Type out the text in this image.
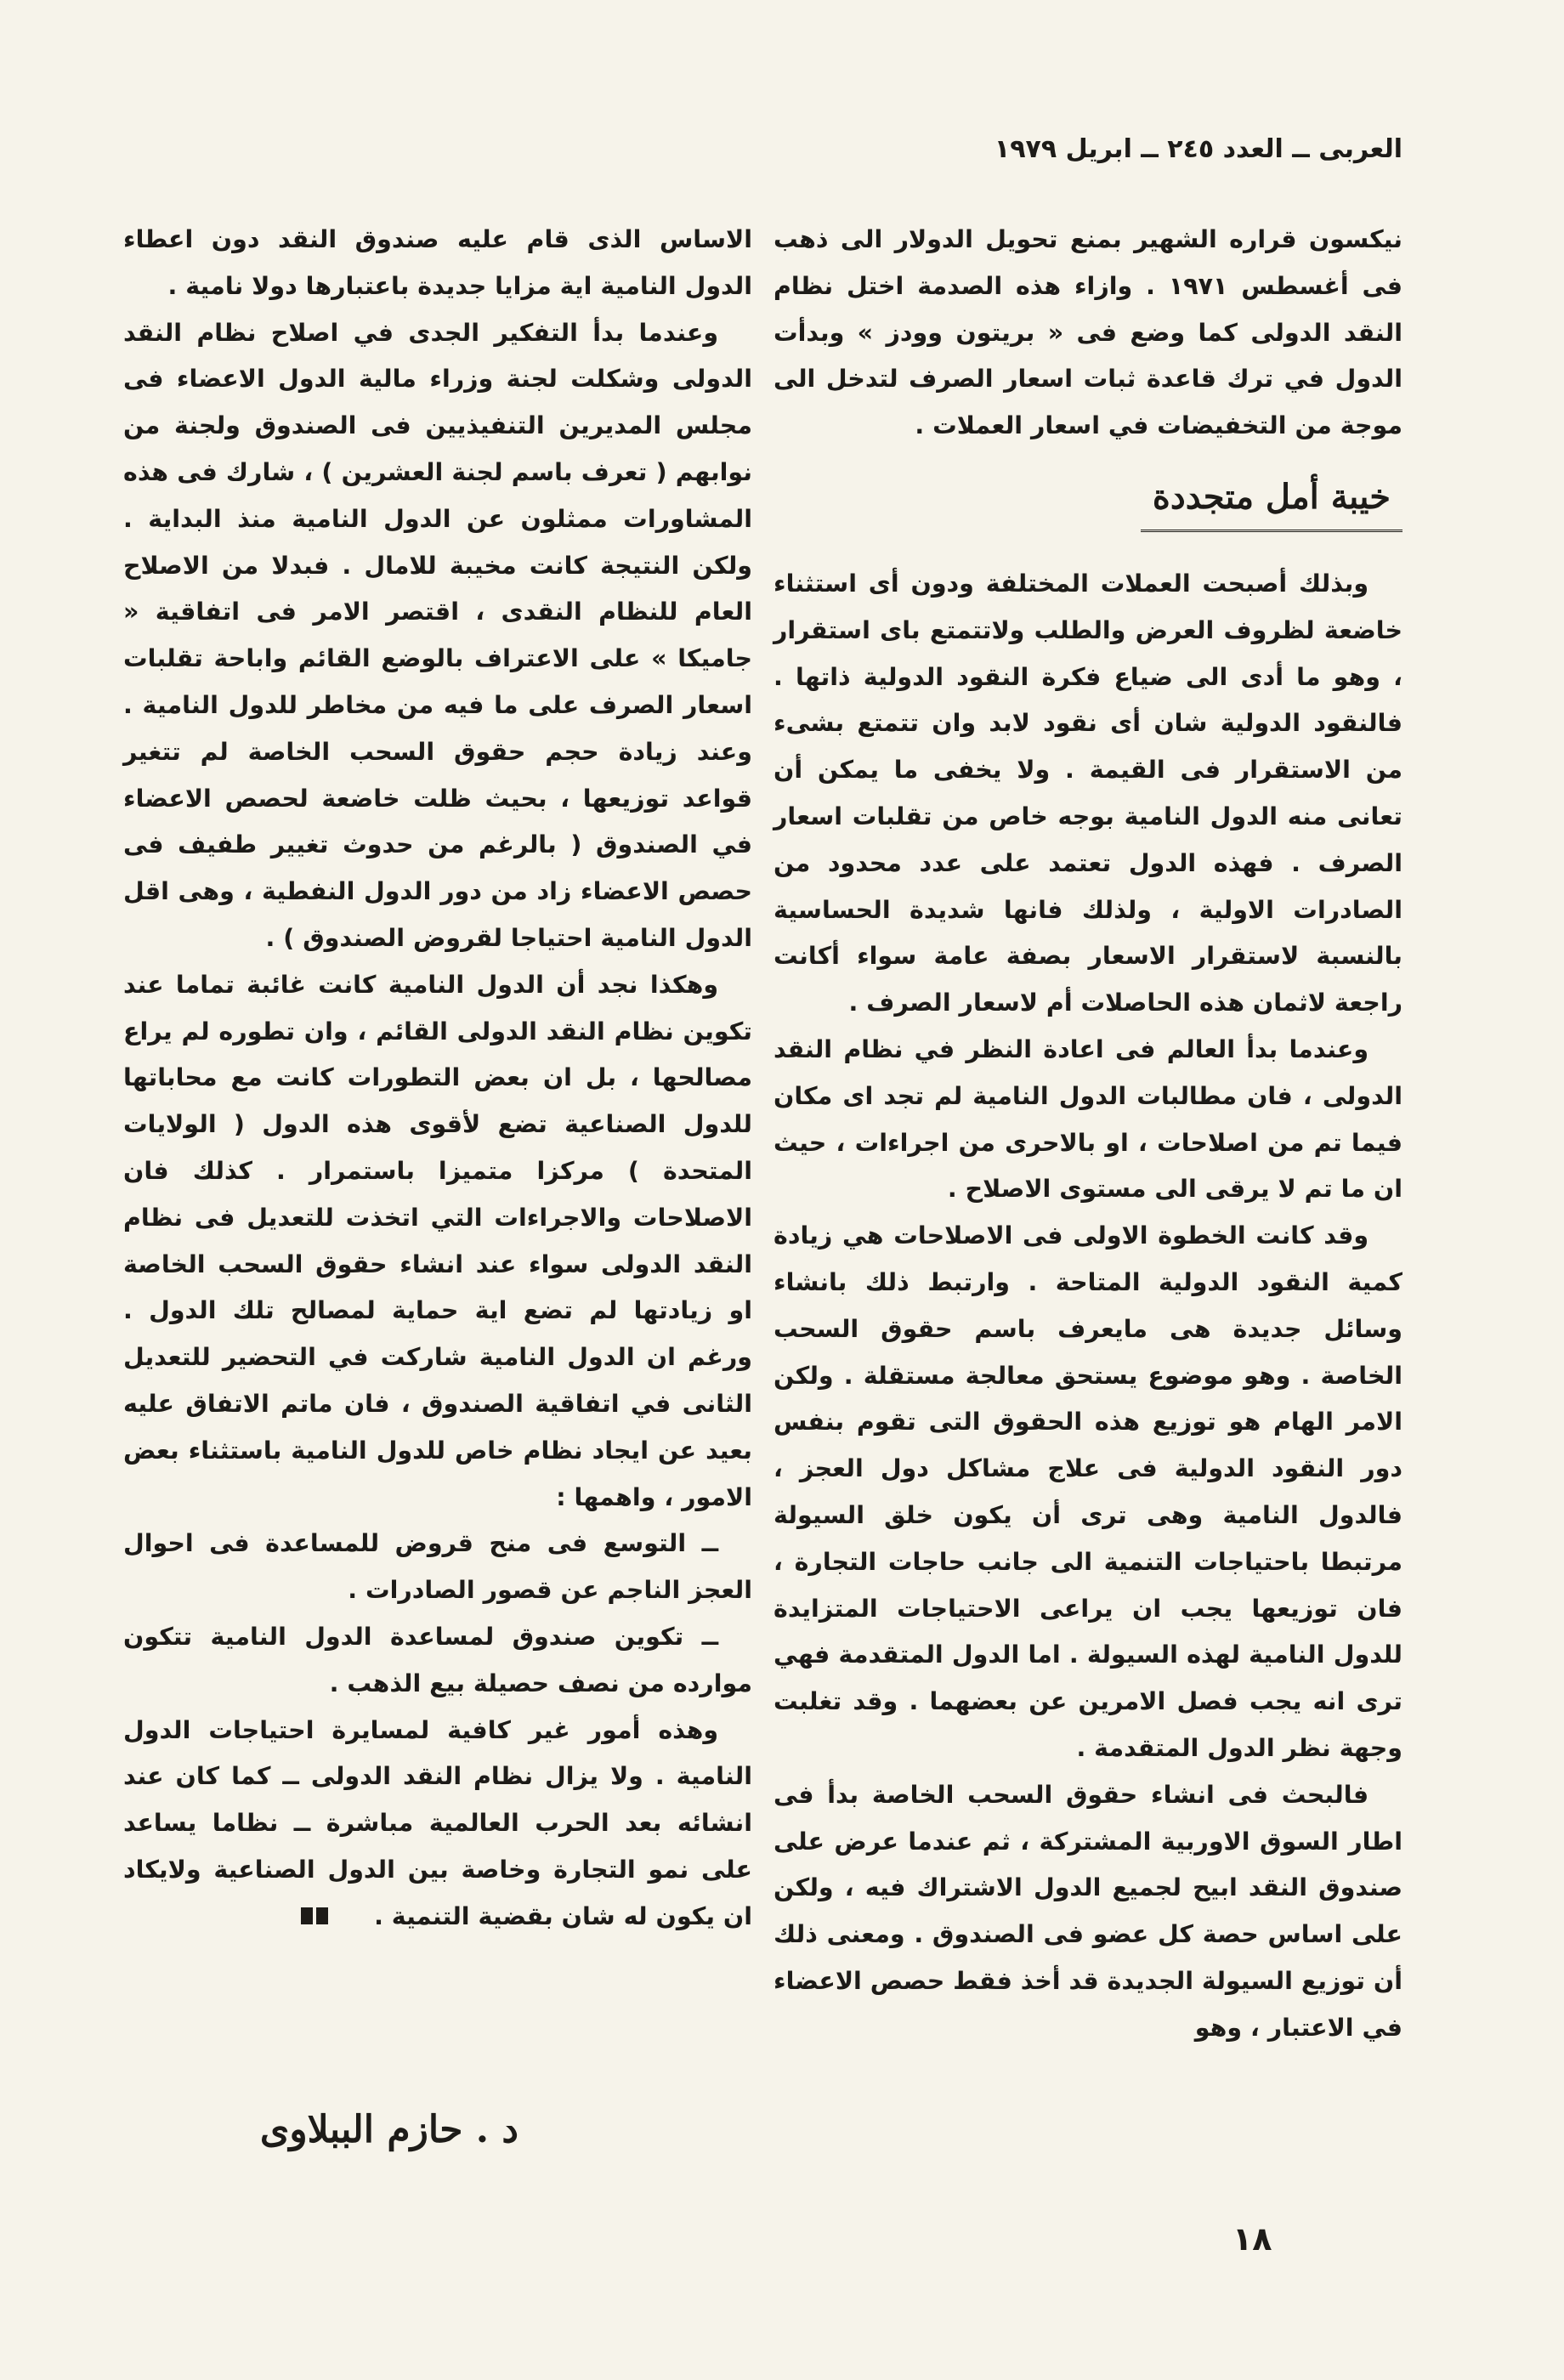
العربى ــ العدد ٢٤٥ ــ ابريل ١٩٧٩

نيكسون قراره الشهير بمنع تحويل الدولار الى ذهب فى أغسطس ١٩٧١ . وازاء هذه الصدمة اختل نظام النقد الدولى كما وضع فى « بريتون وودز » وبدأت الدول في ترك قاعدة ثبات اسعار الصرف لتدخل الى موجة من التخفيضات في اسعار العملات .

خيبة أمل متجددة

وبذلك أصبحت العملات المختلفة ودون أى استثناء خاضعة لظروف العرض والطلب ولاتتمتع باى استقرار ، وهو ما أدى الى ضياع فكرة النقود الدولية ذاتها . فالنقود الدولية شان أى نقود لابد وان تتمتع بشىء من الاستقرار فى القيمة . ولا يخفى ما يمكن أن تعانى منه الدول النامية بوجه خاص من تقلبات اسعار الصرف . فهذه الدول تعتمد على عدد محدود من الصادرات الاولية ، ولذلك فانها شديدة الحساسية بالنسبة لاستقرار الاسعار بصفة عامة سواء أكانت راجعة لاثمان هذه الحاصلات أم لاسعار الصرف .

وعندما بدأ العالم فى اعادة النظر في نظام النقد الدولى ، فان مطالبات الدول النامية لم تجد اى مكان فيما تم من اصلاحات ، او بالاحرى من اجراءات ، حيث ان ما تم لا يرقى الى مستوى الاصلاح .

وقد كانت الخطوة الاولى فى الاصلاحات هي زيادة كمية النقود الدولية المتاحة . وارتبط ذلك بانشاء وسائل جديدة هى مايعرف باسم حقوق السحب الخاصة . وهو موضوع يستحق معالجة مستقلة . ولكن الامر الهام هو توزيع هذه الحقوق التى تقوم بنفس دور النقود الدولية فى علاج مشاكل دول العجز ، فالدول النامية وهى ترى أن يكون خلق السيولة مرتبطا باحتياجات التنمية الى جانب حاجات التجارة ، فان توزيعها يجب ان يراعى الاحتياجات المتزايدة للدول النامية لهذه السيولة . اما الدول المتقدمة فهي ترى انه يجب فصل الامرين عن بعضهما . وقد تغلبت وجهة نظر الدول المتقدمة .

فالبحث فى انشاء حقوق السحب الخاصة بدأ فى اطار السوق الاوربية المشتركة ، ثم عندما عرض على صندوق النقد ابيح لجميع الدول الاشتراك فيه ، ولكن على اساس حصة كل عضو فى الصندوق . ومعنى ذلك أن توزيع السيولة الجديدة قد أخذ فقط حصص الاعضاء في الاعتبار ، وهو

الاساس الذى قام عليه صندوق النقد دون اعطاء الدول النامية اية مزايا جديدة باعتبارها دولا نامية .

وعندما بدأ التفكير الجدى في اصلاح نظام النقد الدولى وشكلت لجنة وزراء مالية الدول الاعضاء فى مجلس المديرين التنفيذيين فى الصندوق ولجنة من نوابهم ( تعرف باسم لجنة العشرين ) ، شارك فى هذه المشاورات ممثلون عن الدول النامية منذ البداية . ولكن النتيجة كانت مخيبة للامال . فبدلا من الاصلاح العام للنظام النقدى ، اقتصر الامر فى اتفاقية « جاميكا » على الاعتراف بالوضع القائم واباحة تقلبات اسعار الصرف على ما فيه من مخاطر للدول النامية . وعند زيادة حجم حقوق السحب الخاصة لم تتغير قواعد توزيعها ، بحيث ظلت خاضعة لحصص الاعضاء في الصندوق ( بالرغم من حدوث تغيير طفيف فى حصص الاعضاء زاد من دور الدول النفطية ، وهى اقل الدول النامية احتياجا لقروض الصندوق ) .

وهكذا نجد أن الدول النامية كانت غائبة تماما عند تكوين نظام النقد الدولى القائم ، وان تطوره لم يراع مصالحها ، بل ان بعض التطورات كانت مع محاباتها للدول الصناعية تضع لأقوى هذه الدول ( الولايات المتحدة ) مركزا متميزا باستمرار . كذلك فان الاصلاحات والاجراءات التي اتخذت للتعديل فى نظام النقد الدولى سواء عند انشاء حقوق السحب الخاصة او زيادتها لم تضع اية حماية لمصالح تلك الدول . ورغم ان الدول النامية شاركت في التحضير للتعديل الثانى في اتفاقية الصندوق ، فان ماتم الاتفاق عليه بعيد عن ايجاد نظام خاص للدول النامية باستثناء بعض الامور ، واهمها :

ــ التوسع فى منح قروض للمساعدة فى احوال العجز الناجم عن قصور الصادرات .

ــ تكوين صندوق لمساعدة الدول النامية تتكون موارده من نصف حصيلة بيع الذهب .

وهذه أمور غير كافية لمسايرة احتياجات الدول النامية . ولا يزال نظام النقد الدولى ــ كما كان عند انشائه بعد الحرب العالمية مباشرة ــ نظاما يساعد على نمو التجارة وخاصة بين الدول الصناعية ولايكاد ان يكون له شان بقضية التنمية .

د . حازم الببلاوى
١٨
